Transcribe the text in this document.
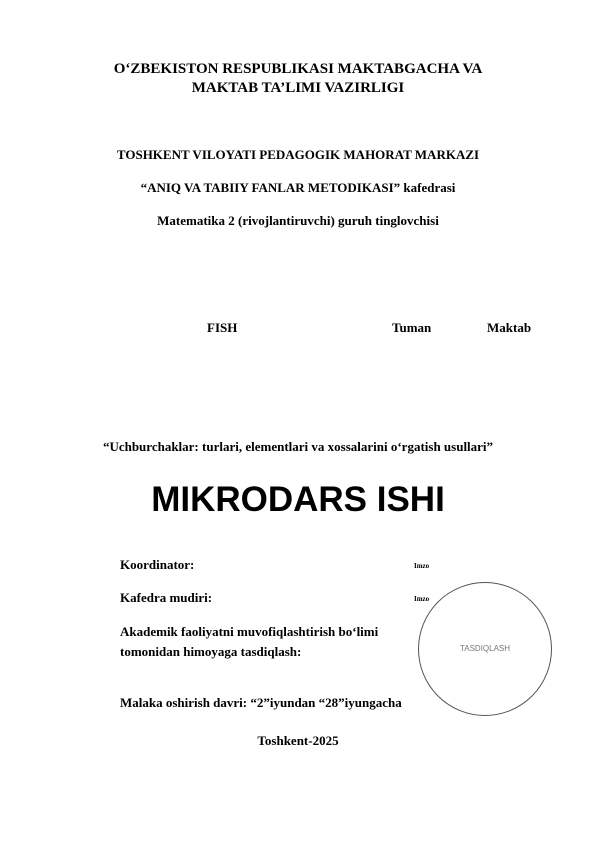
O‘ZBEKISTON RESPUBLIKASI MAKTABGACHA VA
MAKTAB TA’LIMI VAZIRLIGI
TOSHKENT VILOYATI PEDAGOGIK MAHORAT MARKAZI
“ANIQ VA TABIIY FANLAR METODIKASI” kafedrasi
Matematika 2 (rivojlantiruvchi) guruh tinglovchisi
FISH	Tuman	Maktab
“Uchburchaklar: turlari, elementlari va xossalarini o‘rgatish usullari”
MIKRODARS ISHI
Koordinator:	Imzo
Kafedra mudiri:	Imzo
Akademik faoliyatni muvofiqlashtirish bo‘limi
tomonidan himoyaga tasdiqlash:	TASDIQLASH
Malaka oshirish davri: “2”iyundan “28”iyungacha
Toshkent-2025
